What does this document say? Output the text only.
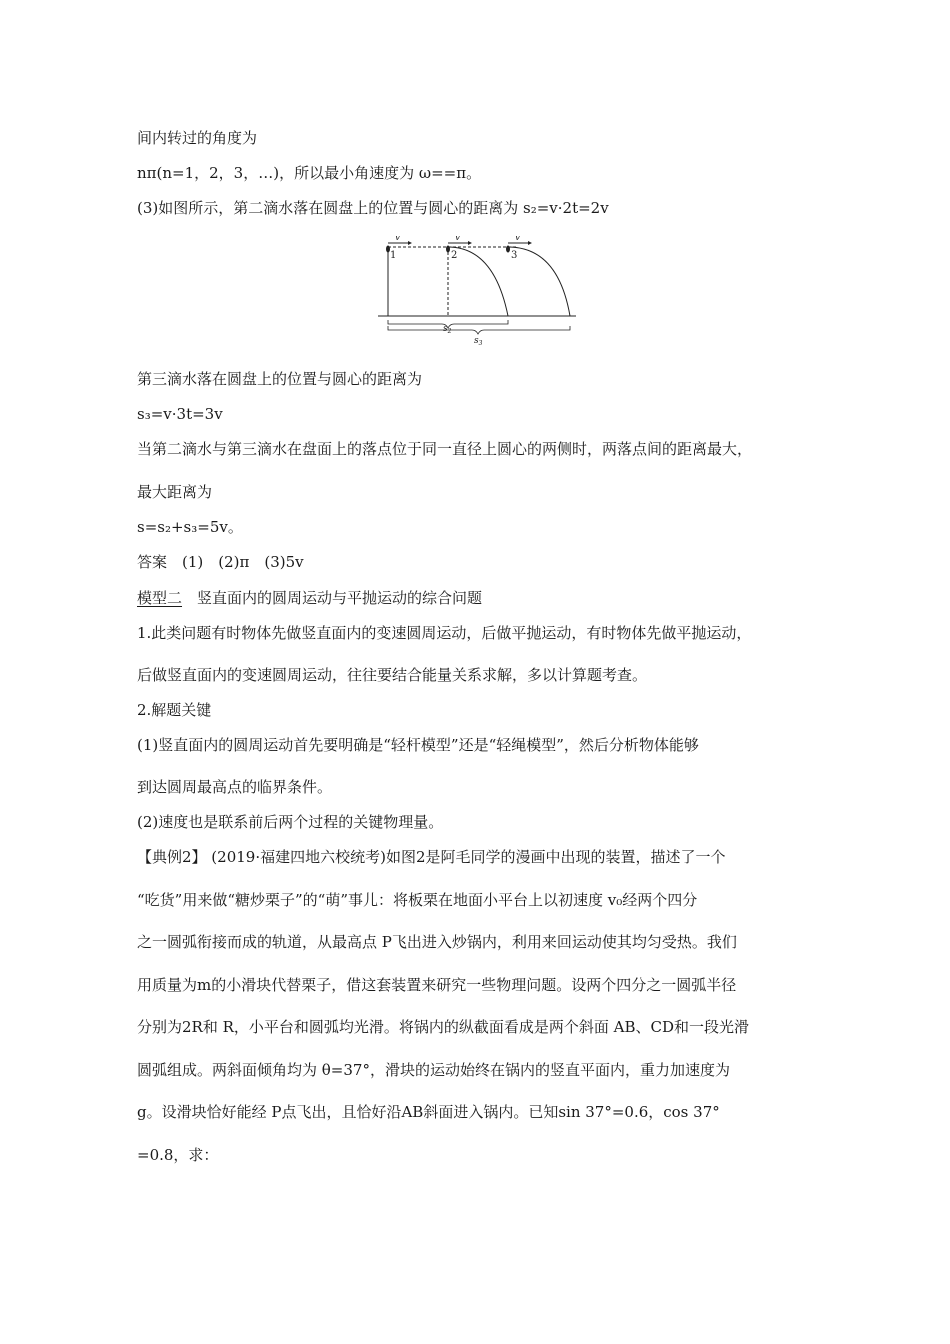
间内转过的角度为
nπ(n=1，2，3，…)，所以最小角速度为 ω==π。
(3)如图所示，第二滴水落在圆盘上的位置与圆心的距离为 s₂=v·2t=2v
v	v	v
1	2	3
$s_2$
$s_3$
第三滴水落在圆盘上的位置与圆心的距离为
s₃=v·3t=3v
当第二滴水与第三滴水在盘面上的落点位于同一直径上圆心的两侧时，两落点间的距离最大，
最大距离为
s=s₂+s₃=5v。
答案　(1)　(2)π　(3)5v
模型二　竖直面内的圆周运动与平抛运动的综合问题
1.此类问题有时物体先做竖直面内的变速圆周运动，后做平抛运动，有时物体先做平抛运动，
后做竖直面内的变速圆周运动，往往要结合能量关系求解，多以计算题考查。
2.解题关键
(1)竖直面内的圆周运动首先要明确是“轻杆模型”还是“轻绳模型”，然后分析物体能够
到达圆周最高点的临界条件。
(2)速度也是联系前后两个过程的关键物理量。
【典例2】 (2019·福建四地六校统考)如图2是阿毛同学的漫画中出现的装置，描述了一个
“吃货”用来做“糖炒栗子”的“萌”事儿：将板栗在地面小平台上以初速度 v₀经两个四分
之一圆弧衔接而成的轨道，从最高点 P飞出进入炒锅内，利用来回运动使其均匀受热。我们
用质量为m的小滑块代替栗子，借这套装置来研究一些物理问题。设两个四分之一圆弧半径
分别为2R和 R，小平台和圆弧均光滑。将锅内的纵截面看成是两个斜面 AB、CD和一段光滑
圆弧组成。两斜面倾角均为 θ=37°，滑块的运动始终在锅内的竖直平面内，重力加速度为
g。设滑块恰好能经 P点飞出，且恰好沿AB斜面进入锅内。已知sin 37°=0.6，cos 37°
=0.8，求：
